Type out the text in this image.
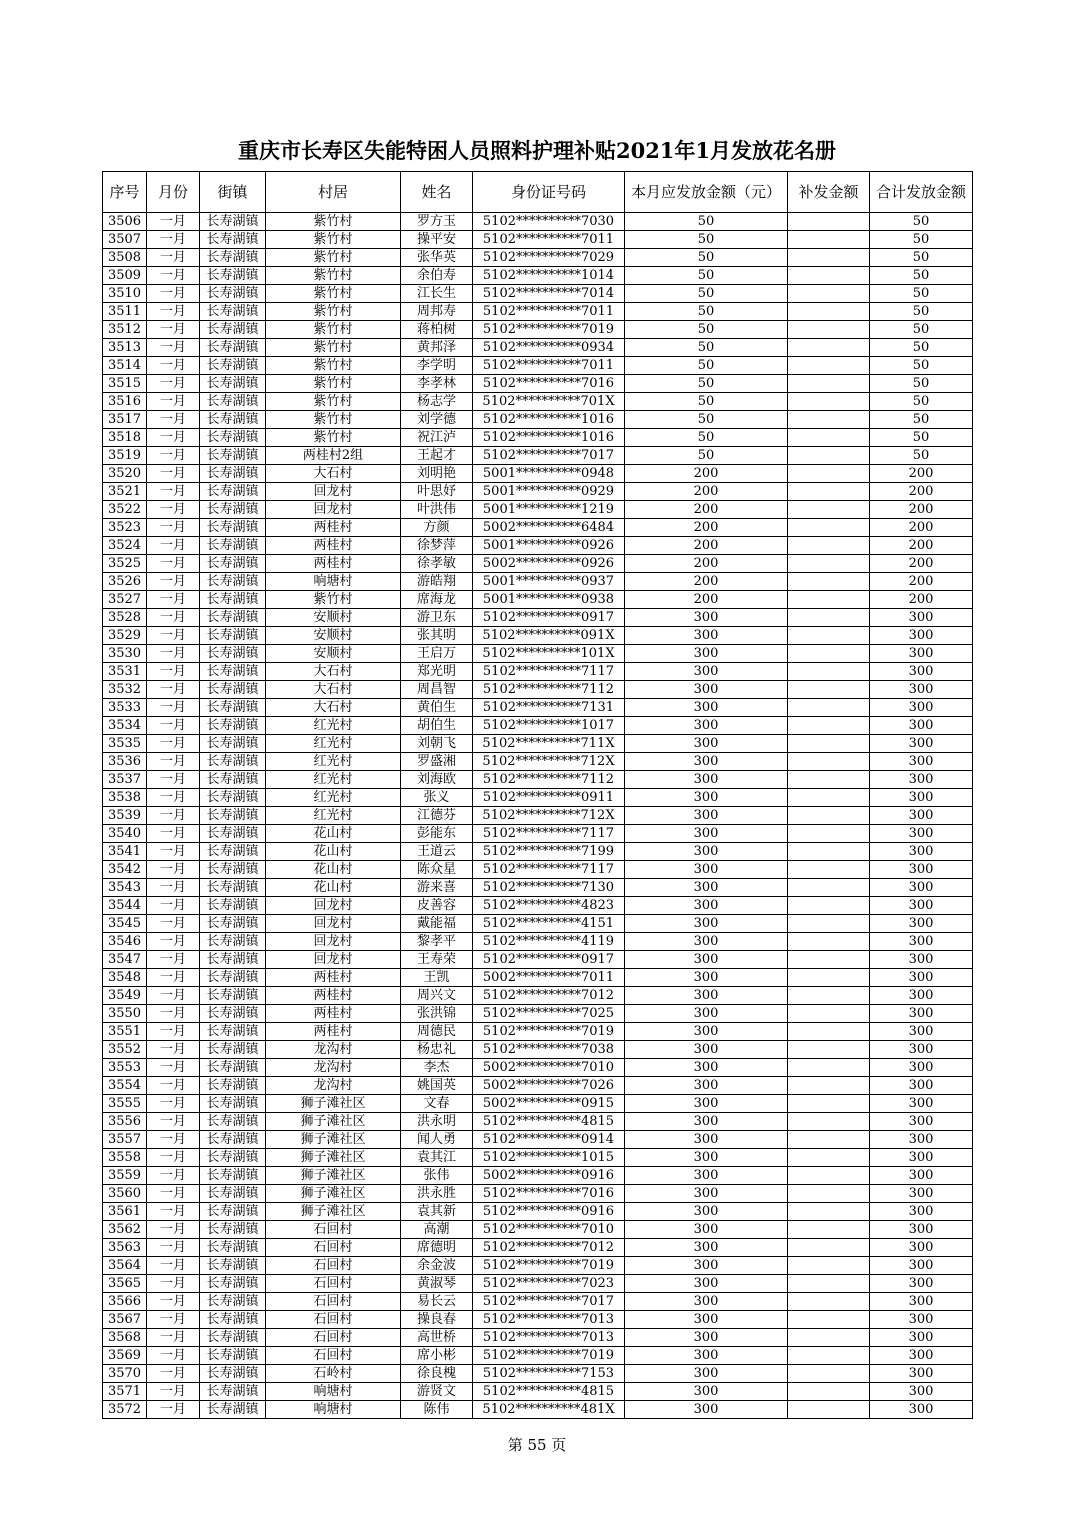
重庆市长寿区失能特困人员照料护理补贴2021年1月发放花名册
序号	月份	街镇	村居	姓名	身份证号码	本月应发放金额（元）	补发金额	合计发放金额
3506	一月	长寿湖镇	紫竹村	罗方玉	5102**********7030	50		50
3507	一月	长寿湖镇	紫竹村	操平安	5102**********7011	50		50
3508	一月	长寿湖镇	紫竹村	张华英	5102**********7029	50		50
3509	一月	长寿湖镇	紫竹村	余伯寿	5102**********1014	50		50
3510	一月	长寿湖镇	紫竹村	江长生	5102**********7014	50		50
3511	一月	长寿湖镇	紫竹村	周邦寿	5102**********7011	50		50
3512	一月	长寿湖镇	紫竹村	蒋柏树	5102**********7019	50		50
3513	一月	长寿湖镇	紫竹村	黄邦泽	5102**********0934	50		50
3514	一月	长寿湖镇	紫竹村	李学明	5102**********7011	50		50
3515	一月	长寿湖镇	紫竹村	李孝林	5102**********7016	50		50
3516	一月	长寿湖镇	紫竹村	杨志学	5102**********701X	50		50
3517	一月	长寿湖镇	紫竹村	刘学德	5102**********1016	50		50
3518	一月	长寿湖镇	紫竹村	祝江泸	5102**********1016	50		50
3519	一月	长寿湖镇	两桂村2组	王起才	5102**********7017	50		50
3520	一月	长寿湖镇	大石村	刘明艳	5001**********0948	200		200
3521	一月	长寿湖镇	回龙村	叶思妤	5001**********0929	200		200
3522	一月	长寿湖镇	回龙村	叶洪伟	5001**********1219	200		200
3523	一月	长寿湖镇	两桂村	方颜	5002**********6484	200		200
3524	一月	长寿湖镇	两桂村	徐梦萍	5001**********0926	200		200
3525	一月	长寿湖镇	两桂村	徐孝敏	5002**********0926	200		200
3526	一月	长寿湖镇	响塘村	游皓翔	5001**********0937	200		200
3527	一月	长寿湖镇	紫竹村	席海龙	5001**********0938	200		200
3528	一月	长寿湖镇	安顺村	游卫东	5102**********0917	300		300
3529	一月	长寿湖镇	安顺村	张其明	5102**********091X	300		300
3530	一月	长寿湖镇	安顺村	王启万	5102**********101X	300		300
3531	一月	长寿湖镇	大石村	郑光明	5102**********7117	300		300
3532	一月	长寿湖镇	大石村	周昌智	5102**********7112	300		300
3533	一月	长寿湖镇	大石村	黄伯生	5102**********7131	300		300
3534	一月	长寿湖镇	红光村	胡伯生	5102**********1017	300		300
3535	一月	长寿湖镇	红光村	刘朝飞	5102**********711X	300		300
3536	一月	长寿湖镇	红光村	罗盛湘	5102**********712X	300		300
3537	一月	长寿湖镇	红光村	刘海欧	5102**********7112	300		300
3538	一月	长寿湖镇	红光村	张义	5102**********0911	300		300
3539	一月	长寿湖镇	红光村	江德芬	5102**********712X	300		300
3540	一月	长寿湖镇	花山村	彭能东	5102**********7117	300		300
3541	一月	长寿湖镇	花山村	王道云	5102**********7199	300		300
3542	一月	长寿湖镇	花山村	陈众星	5102**********7117	300		300
3543	一月	长寿湖镇	花山村	游来喜	5102**********7130	300		300
3544	一月	长寿湖镇	回龙村	皮善容	5102**********4823	300		300
3545	一月	长寿湖镇	回龙村	戴能福	5102**********4151	300		300
3546	一月	长寿湖镇	回龙村	黎孝平	5102**********4119	300		300
3547	一月	长寿湖镇	回龙村	王寿荣	5102**********0917	300		300
3548	一月	长寿湖镇	两桂村	王凯	5002**********7011	300		300
3549	一月	长寿湖镇	两桂村	周兴文	5102**********7012	300		300
3550	一月	长寿湖镇	两桂村	张洪锦	5102**********7025	300		300
3551	一月	长寿湖镇	两桂村	周德民	5102**********7019	300		300
3552	一月	长寿湖镇	龙沟村	杨忠礼	5102**********7038	300		300
3553	一月	长寿湖镇	龙沟村	李杰	5002**********7010	300		300
3554	一月	长寿湖镇	龙沟村	姚国英	5002**********7026	300		300
3555	一月	长寿湖镇	狮子滩社区	文春	5002**********0915	300		300
3556	一月	长寿湖镇	狮子滩社区	洪永明	5102**********4815	300		300
3557	一月	长寿湖镇	狮子滩社区	闻人勇	5102**********0914	300		300
3558	一月	长寿湖镇	狮子滩社区	袁其江	5102**********1015	300		300
3559	一月	长寿湖镇	狮子滩社区	张伟	5002**********0916	300		300
3560	一月	长寿湖镇	狮子滩社区	洪永胜	5102**********7016	300		300
3561	一月	长寿湖镇	狮子滩社区	袁其新	5102**********0916	300		300
3562	一月	长寿湖镇	石回村	高潮	5102**********7010	300		300
3563	一月	长寿湖镇	石回村	席德明	5102**********7012	300		300
3564	一月	长寿湖镇	石回村	余金波	5102**********7019	300		300
3565	一月	长寿湖镇	石回村	黄淑琴	5102**********7023	300		300
3566	一月	长寿湖镇	石回村	易长云	5102**********7017	300		300
3567	一月	长寿湖镇	石回村	操良春	5102**********7013	300		300
3568	一月	长寿湖镇	石回村	高世桥	5102**********7013	300		300
3569	一月	长寿湖镇	石回村	席小彬	5102**********7019	300		300
3570	一月	长寿湖镇	石岭村	徐良槐	5102**********7153	300		300
3571	一月	长寿湖镇	响塘村	游贤文	5102**********4815	300		300
3572	一月	长寿湖镇	响塘村	陈伟	5102**********481X	300		300
第 55 页
